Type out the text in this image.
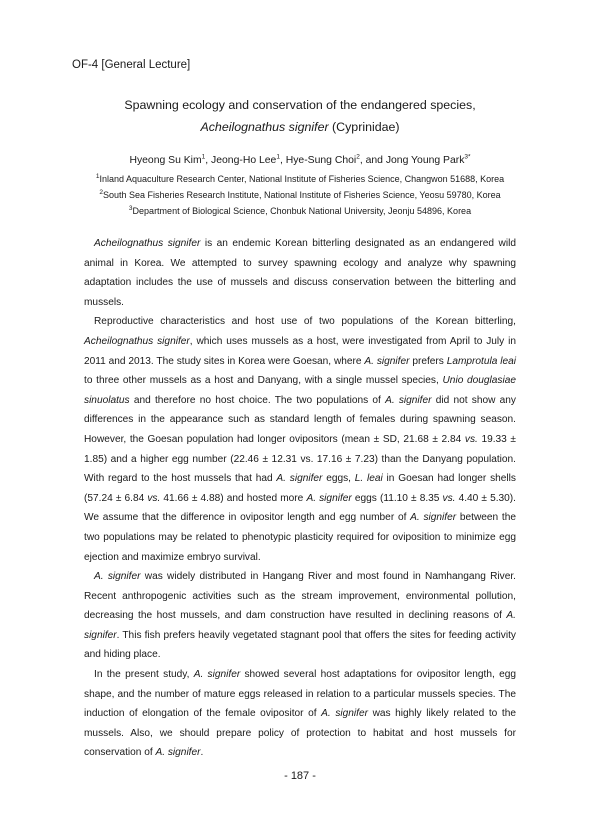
OF-4 [General Lecture]
Spawning ecology and conservation of the endangered species,
Acheilognathus signifer (Cyprinidae)
Hyeong Su Kim$^1$, Jeong-Ho Lee$^1$, Hye-Sung Choi$^2$, and Jong Young Park$^{3*}$
$^1$Inland Aquaculture Research Center, National Institute of Fisheries Science, Changwon 51688, Korea
$^2$South Sea Fisheries Research Institute, National Institute of Fisheries Science, Yeosu 59780, Korea
$^3$Department of Biological Science, Chonbuk National University, Jeonju 54896, Korea

Acheilognathus signifer is an endemic Korean bitterling designated as an endangered wild animal in Korea. We attempted to survey spawning ecology and analyze why spawning adaptation includes the use of mussels and discuss conservation between the bitterling and mussels.

Reproductive characteristics and host use of two populations of the Korean bitterling, Acheilognathus signifer, which uses mussels as a host, were investigated from April to July in 2011 and 2013. The study sites in Korea were Goesan, where A. signifer prefers Lamprotula leai to three other mussels as a host and Danyang, with a single mussel species, Unio douglasiae sinuolatus and therefore no host choice. The two populations of A. signifer did not show any differences in the appearance such as standard length of females during spawning season. However, the Goesan population had longer ovipositors (mean ± SD, 21.68 ± 2.84 vs. 19.33 ± 1.85) and a higher egg number (22.46 ± 12.31 vs. 17.16 ± 7.23) than the Danyang population. With regard to the host mussels that had A. signifer eggs, L. leai in Goesan had longer shells (57.24 ± 6.84 vs. 41.66 ± 4.88) and hosted more A. signifer eggs (11.10 ± 8.35 vs. 4.40 ± 5.30). We assume that the difference in ovipositor length and egg number of A. signifer between the two populations may be related to phenotypic plasticity required for oviposition to minimize egg ejection and maximize embryo survival.

A. signifer was widely distributed in Hangang River and most found in Namhangang River. Recent anthropogenic activities such as the stream improvement, environmental pollution, decreasing the host mussels, and dam construction have resulted in declining reasons of A. signifer. This fish prefers heavily vegetated stagnant pool that offers the sites for feeding activity and hiding place.

In the present study, A. signifer showed several host adaptations for ovipositor length, egg shape, and the number of mature eggs released in relation to a particular mussels species. The induction of elongation of the female ovipositor of A. signifer was highly likely related to the mussels. Also, we should prepare policy of protection to habitat and host mussels for conservation of A. signifer.

- 187 -
